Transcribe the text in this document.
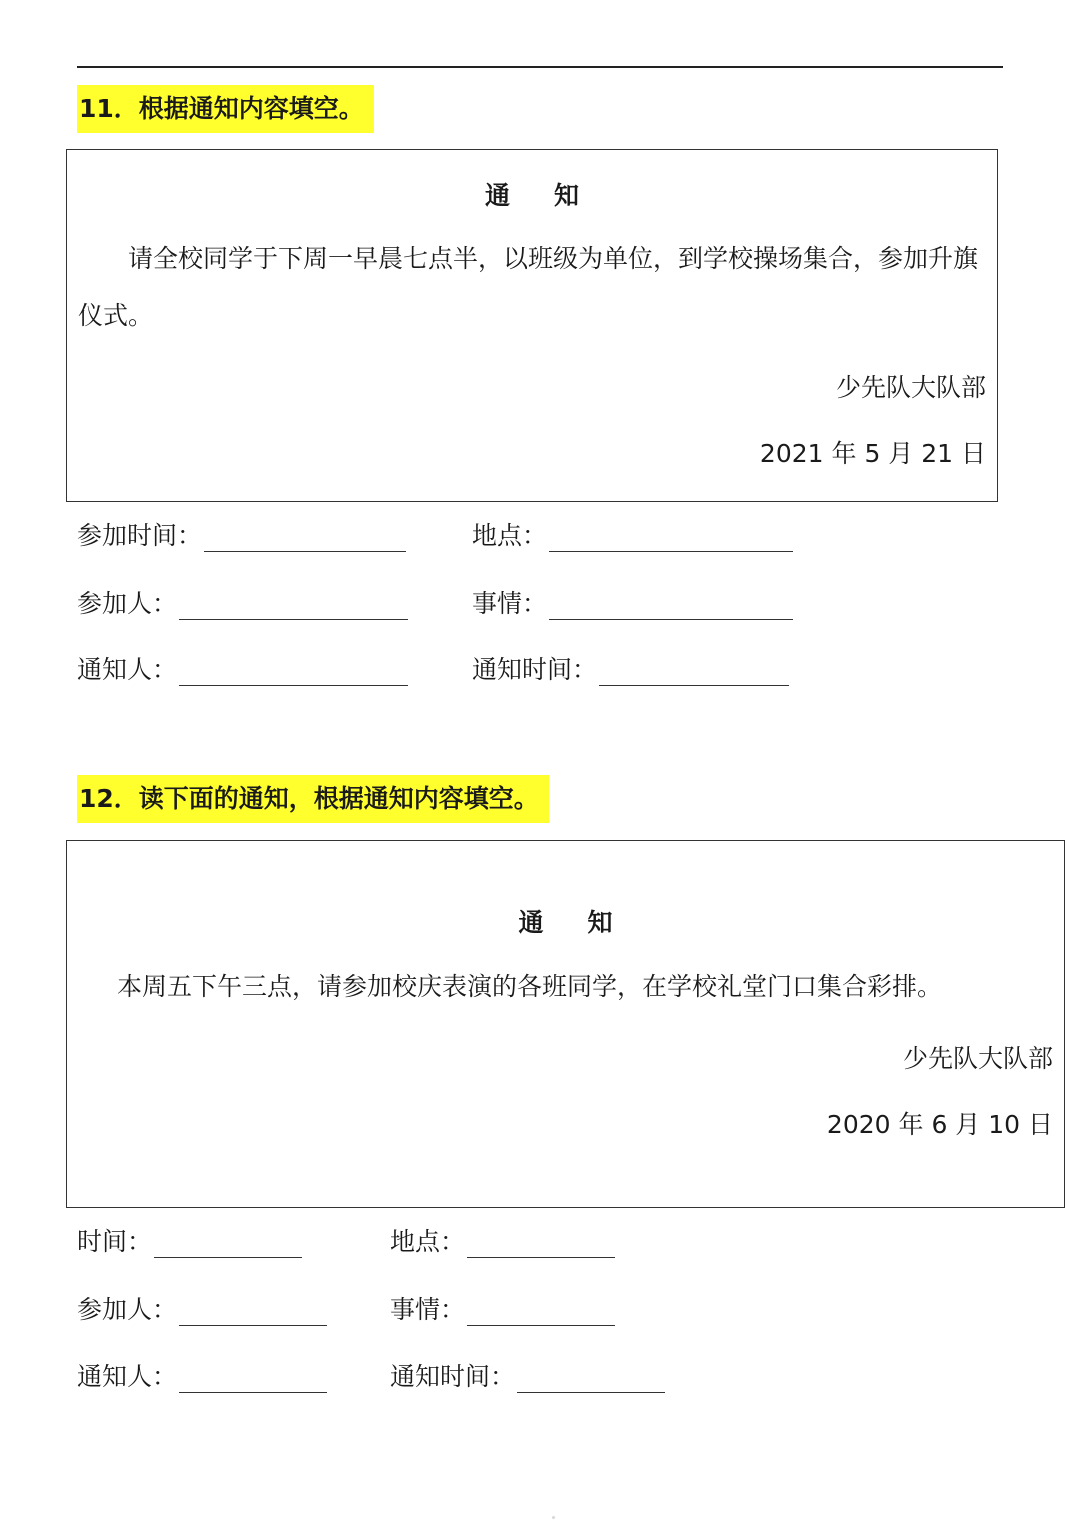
11．根据通知内容填空。
通 知
请全校同学于下周一早晨七点半，以班级为单位，到学校操场集合，参加升旗仪式。
少先队大队部
2021 年 5 月 21 日
参加时间：	地点：
参加人：	事情：
通知人：	通知时间：
12．读下面的通知，根据通知内容填空。
通 知
本周五下午三点，请参加校庆表演的各班同学，在学校礼堂门口集合彩排。
少先队大队部
2020 年 6 月 10 日
时间：	地点：
参加人：	事情：
通知人：	通知时间：
